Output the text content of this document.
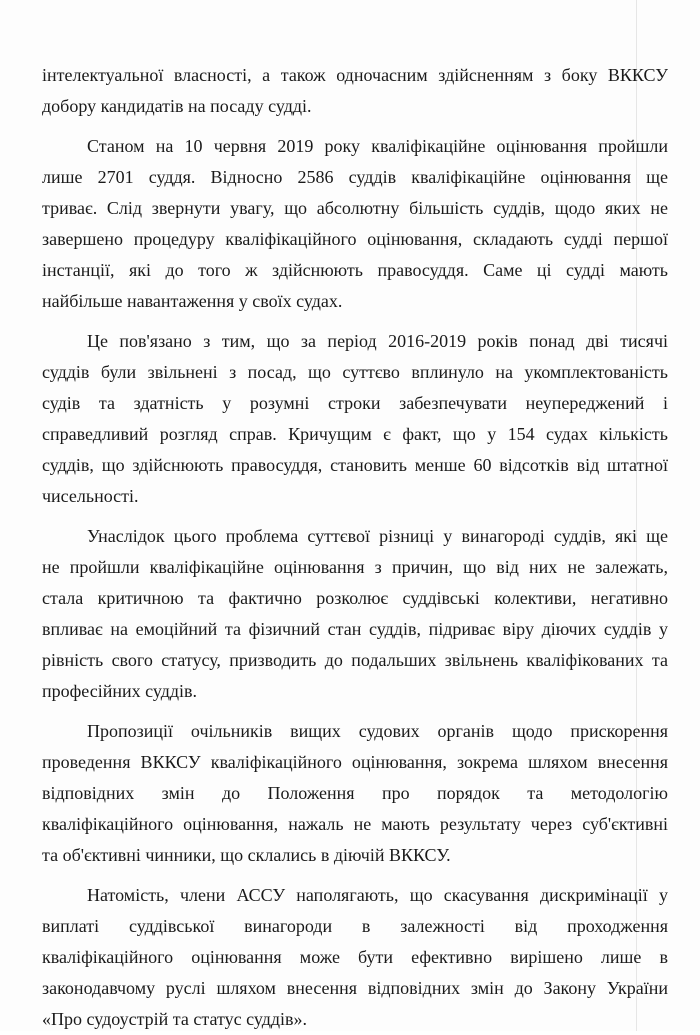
інтелектуальної власності, а також одночасним здійсненням з боку ВККСУ
добору кандидатів на посаду судді.
Станом на 10 червня 2019 року кваліфікаційне оцінювання пройшли
лише 2701 суддя. Відносно 2586 суддів кваліфікаційне оцінювання ще
триває. Слід звернути увагу, що абсолютну більшість суддів, щодо яких не
завершено процедуру кваліфікаційного оцінювання, складають судді першої
інстанції, які до того ж здійснюють правосуддя. Саме ці судді мають
найбільше навантаження у своїх судах.
Це пов'язано з тим, що за період 2016-2019 років понад дві тисячі
суддів були звільнені з посад, що суттєво вплинуло на укомплектованість
судів та здатність у розумні строки забезпечувати неупереджений і
справедливий розгляд справ. Кричущим є факт, що у 154 судах кількість
суддів, що здійснюють правосуддя, становить менше 60 відсотків від штатної
чисельності.
Унаслідок цього проблема суттєвої різниці у винагороді суддів, які ще
не пройшли кваліфікаційне оцінювання з причин, що від них не залежать,
стала критичною та фактично розколює суддівські колективи, негативно
впливає на емоційний та фізичний стан суддів, підриває віру діючих суддів у
рівність свого статусу, призводить до подальших звільнень кваліфікованих та
професійних суддів.
Пропозиції очільників вищих судових органів щодо прискорення
проведення ВККСУ кваліфікаційного оцінювання, зокрема шляхом внесення
відповідних змін до Положення про порядок та методологію
кваліфікаційного оцінювання, нажаль не мають результату через суб'єктивні
та об'єктивні чинники, що склались в діючій ВККСУ.
Натомість, члени АССУ наполягають, що скасування дискримінації у
виплаті суддівської винагороди в залежності від проходження
кваліфікаційного оцінювання може бути ефективно вирішено лише в
законодавчому руслі шляхом внесення відповідних змін до Закону України
«Про судоустрій та статус суддів».
